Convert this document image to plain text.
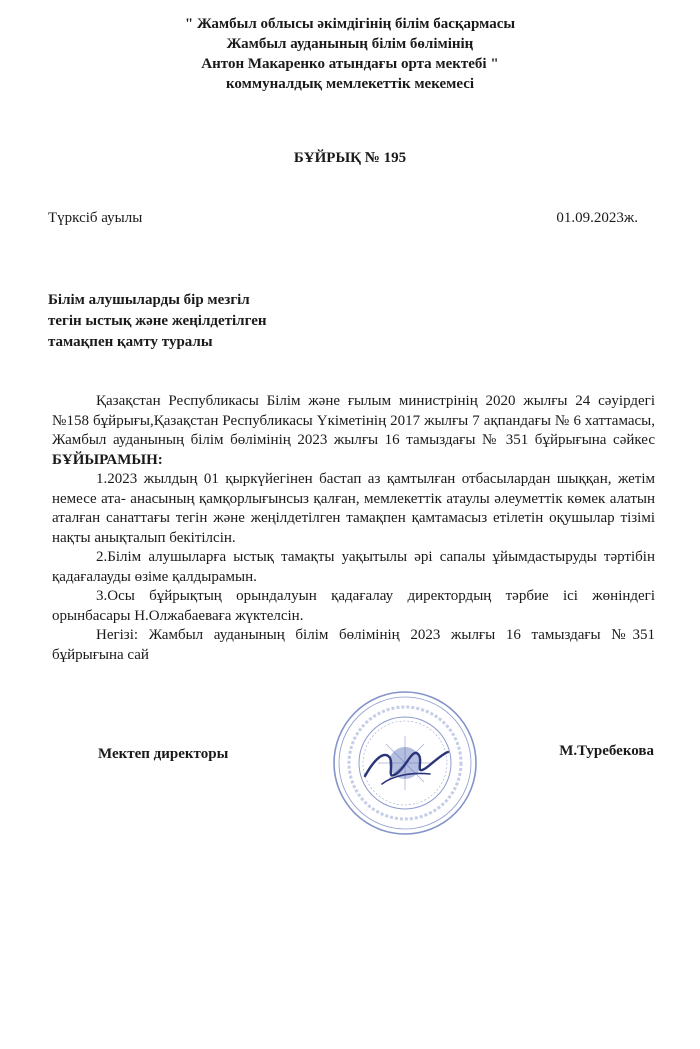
" Жамбыл облысы әкімдігінің білім басқармасы
Жамбыл ауданының білім бөлімінің
Антон Макаренко атындағы орта мектебі "
коммуналдық мемлекеттік мекемесі
БҰЙРЫҚ № 195
Түрксіб ауылы	01.09.2023ж.
Білім алушыларды бір мезгіл
тегін ыстық және жеңілдетілген
тамақпен қамту туралы

Қазақстан Республикасы Білім және ғылым министрінің 2020 жылғы 24 сәуірдегі №158 бұйрығы,Қазақстан Республикасы Үкіметінің 2017 жылғы 7 ақпандағы № 6 хаттамасы, Жамбыл ауданының білім бөлімінің 2023 жылғы 16 тамыздағы № 351 бұйрығына сәйкес БҰЙЫРАМЫН:

1.2023 жылдың 01 қыркүйегінен бастап аз қамтылған отбасылардан шыққан, жетім немесе ата- анасының қамқорлығынсыз қалған, мемлекеттік атаулы әлеуметтік көмек алатын аталған санаттағы тегін және жеңілдетілген тамақпен қамтамасыз етілетін оқушылар тізімі нақты анықталып бекітілсін.

2.Білім алушыларға ыстық тамақты уақытылы әрі сапалы ұйымдастыруды тәртібін қадағалауды өзіме қалдырамын.

3.Осы бұйрықтың орындалуын қадағалау директордың тәрбие ісі жөніндегі орынбасары Н.Олжабаеваға жүктелсін.

Негізі: Жамбыл ауданының білім бөлімінің 2023 жылғы 16 тамыздағы №351 бұйрығына сай

Мектеп директоры	М.Туребекова
